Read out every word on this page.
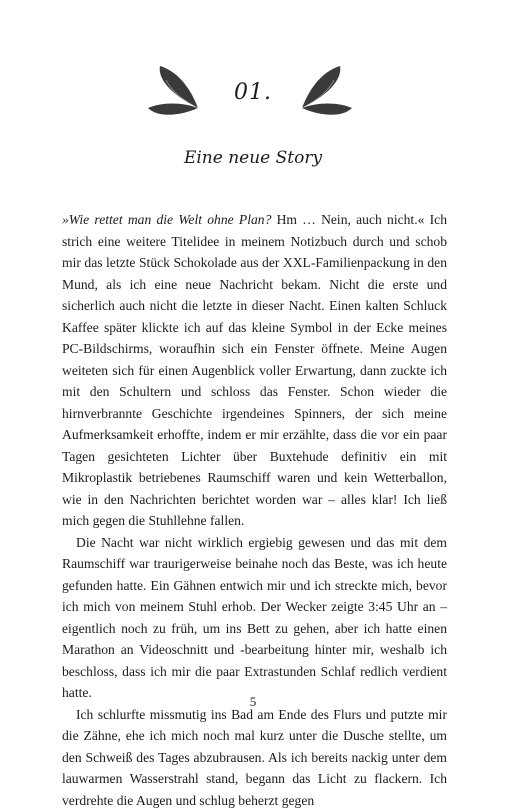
01.
Eine neue Story

»Wie rettet man die Welt ohne Plan? Hm … Nein, auch nicht.« Ich strich eine weitere Titelidee in meinem Notizbuch durch und schob mir das letzte Stück Schokolade aus der XXL-Familienpackung in den Mund, als ich eine neue Nachricht bekam. Nicht die erste und sicherlich auch nicht die letzte in dieser Nacht. Einen kalten Schluck Kaffee später klickte ich auf das kleine Symbol in der Ecke meines PC-Bildschirms, woraufhin sich ein Fenster öffnete. Meine Augen weiteten sich für einen Augenblick voller Erwartung, dann zuckte ich mit den Schultern und schloss das Fenster. Schon wieder die hirnverbrannte Geschichte irgendeines Spinners, der sich meine Aufmerksamkeit erhoffte, indem er mir erzählte, dass die vor ein paar Tagen gesichteten Lichter über Buxtehude definitiv ein mit Mikroplastik betriebenes Raumschiff waren und kein Wetterballon, wie in den Nachrichten berichtet worden war – alles klar! Ich ließ mich gegen die Stuhllehne fallen.

Die Nacht war nicht wirklich ergiebig gewesen und das mit dem Raumschiff war traurigerweise beinahe noch das Beste, was ich heute gefunden hatte. Ein Gähnen entwich mir und ich streckte mich, bevor ich mich von meinem Stuhl erhob. Der Wecker zeigte 3:45 Uhr an – eigentlich noch zu früh, um ins Bett zu gehen, aber ich hatte einen Marathon an Videoschnitt und -bearbeitung hinter mir, weshalb ich beschloss, dass ich mir die paar Extrastunden Schlaf redlich verdient hatte.

Ich schlurfte missmutig ins Bad am Ende des Flurs und putzte mir die Zähne, ehe ich mich noch mal kurz unter die Dusche stellte, um den Schweiß des Tages abzubrausen. Als ich bereits nackig unter dem lauwarmen Wasserstrahl stand, begann das Licht zu flackern. Ich verdrehte die Augen und schlug beherzt gegen

5
